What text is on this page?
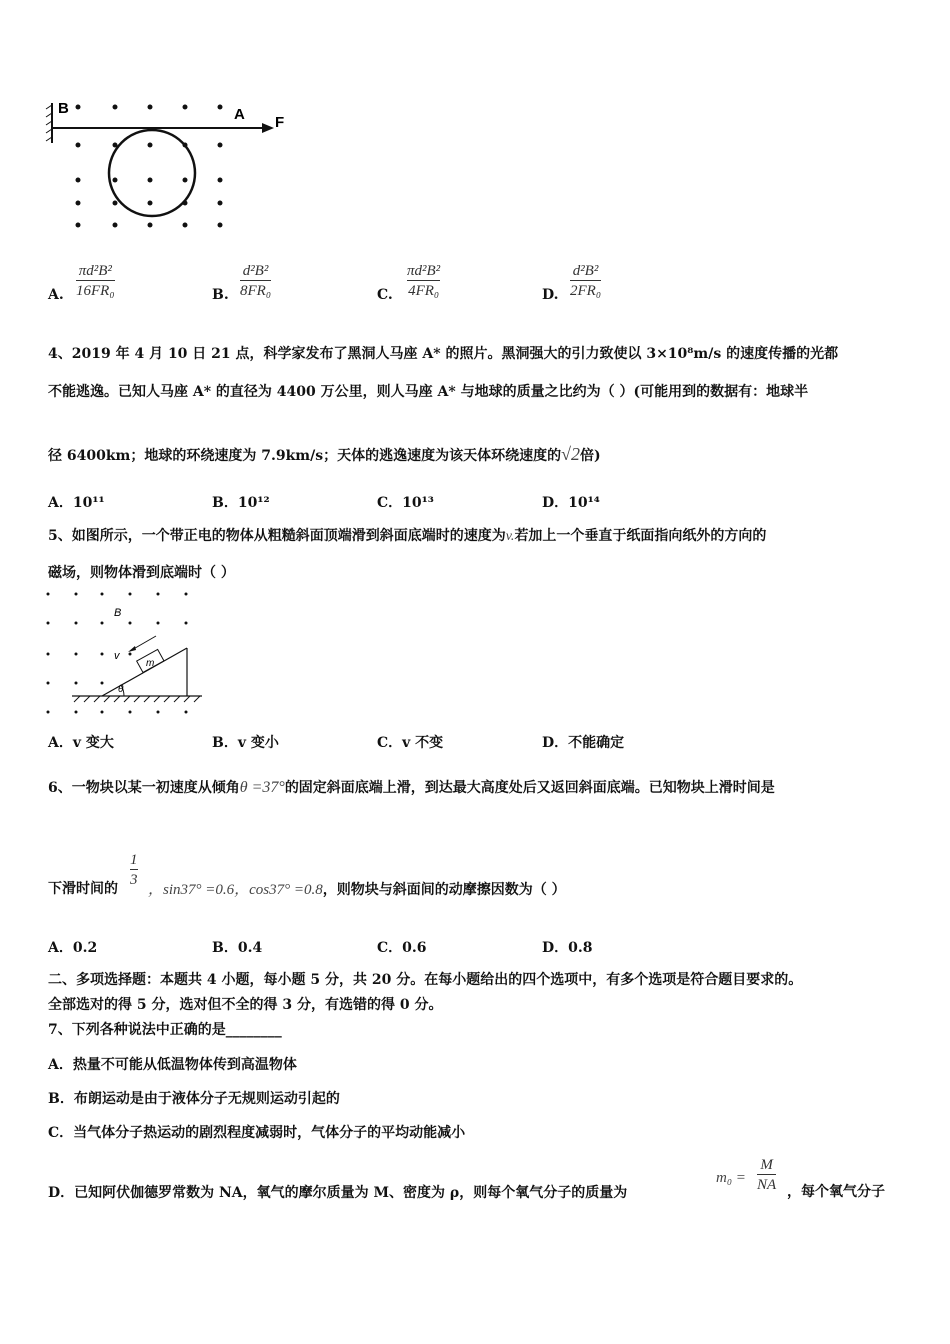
B	A F
A. $\frac{\text{πd²B²}}{\text{16FR₀}}$	B. $\frac{\text{d²B²}}{\text{8FR₀}}$	C. $\frac{\text{πd²B²}}{\text{4FR₀}}$	D. $\frac{\text{d²B²}}{\text{2FR₀}}$
4、2019 年 4 月 10 日 21 点，科学家发布了黑洞人马座 A* 的照片。黑洞强大的引力致使以 3×10⁸m/s 的速度传播的光都
不能逃逸。已知人马座 A* 的直径为 4400 万公里，则人马座 A* 与地球的质量之比约为（ ）(可能用到的数据有：地球半
径 6400km；地球的环绕速度为 7.9km/s；天体的逃逸速度为该天体环绕速度的√2倍)
A．10¹¹	B．10¹²	C．10¹³	D．10¹⁴
5、如图所示，一个带正电的物体从粗糙斜面顶端滑到斜面底端时的速度为v.若加上一个垂直于纸面指向纸外的方向的
磁场，则物体滑到底端时（ ）
B
v
m
θ
A．v 变大	B．v 变小	C．v 不变	D．不能确定
6、一物块以某一初速度从倾角θ =37°的固定斜面底端上滑，到达最大高度处后又返回斜面底端。已知物块上滑时间是
下滑时间的 $\frac{1}{3}$
，sin37° =0.6，cos37° =0.8，则物块与斜面间的动摩擦因数为（ ）
A．0.2	B．0.4	C．0.6	D．0.8
二、多项选择题：本题共 4 小题，每小题 5 分，共 20 分。在每小题给出的四个选项中，有多个选项是符合题目要求的。
全部选对的得 5 分，选对但不全的得 3 分，有选错的得 0 分。
7、下列各种说法中正确的是________
A．热量不可能从低温物体传到高温物体
B．布朗运动是由于液体分子无规则运动引起的
C．当气体分子热运动的剧烈程度减弱时，气体分子的平均动能减小
D．已知阿伏伽德罗常数为 NA，氧气的摩尔质量为 M、密度为 ρ，则每个氧气分子的质量为
$m_0 = \frac{M}{NA}$ ，每个氧气分子
